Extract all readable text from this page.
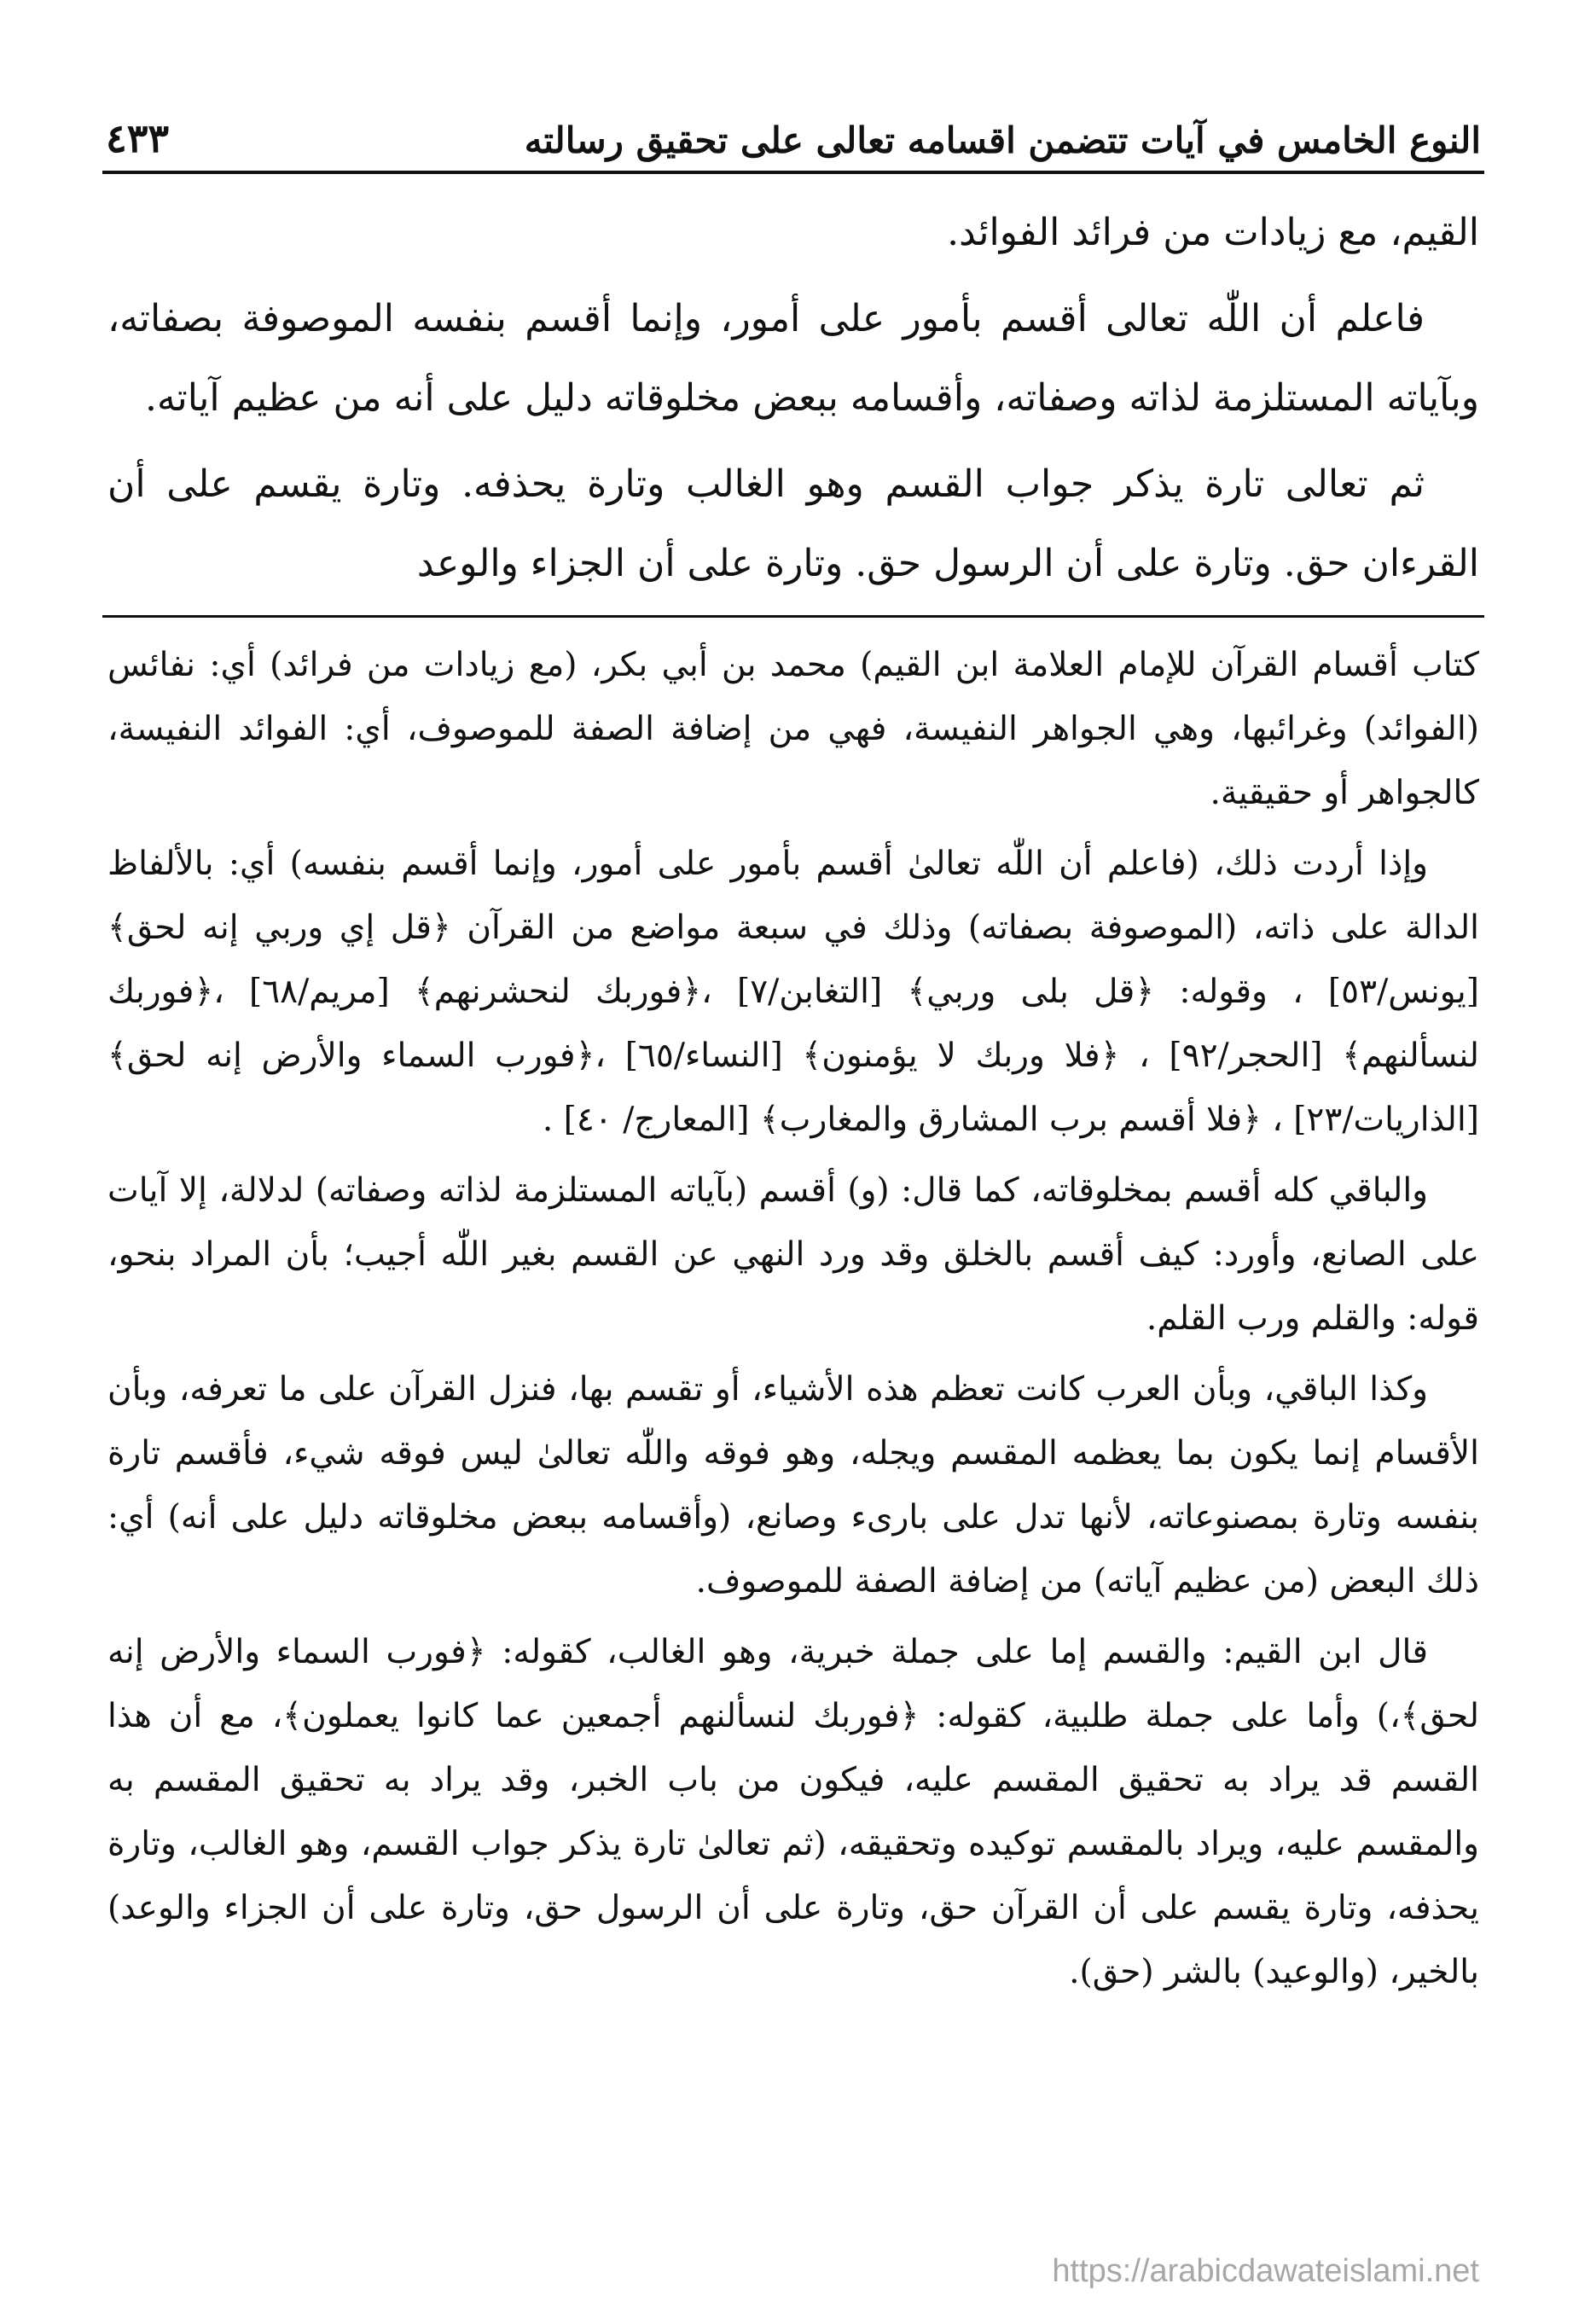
النوع الخامس في آيات تتضمن اقسامه تعالى على تحقيق رسالته
٤٣٣

القيم، مع زيادات من فرائد الفوائد.

فاعلم أن اللّٰه تعالى أقسم بأمور على أمور، وإنما أقسم بنفسه الموصوفة بصفاته، وبآياته المستلزمة لذاته وصفاته، وأقسامه ببعض مخلوقاته دليل على أنه من عظيم آياته.

ثم تعالى تارة يذكر جواب القسم وهو الغالب وتارة يحذفه. وتارة يقسم على أن القرءان حق. وتارة على أن الرسول حق. وتارة على أن الجزاء والوعد

كتاب أقسام القرآن للإمام العلامة ابن القيم) محمد بن أبي بكر، (مع زيادات من فرائد) أي: نفائس (الفوائد) وغرائبها، وهي الجواهر النفيسة، فهي من إضافة الصفة للموصوف، أي: الفوائد النفيسة، كالجواهر أو حقيقية.

وإذا أردت ذلك، (فاعلم أن اللّٰه تعالىٰ أقسم بأمور على أمور، وإنما أقسم بنفسه) أي: بالألفاظ الدالة على ذاته، (الموصوفة بصفاته) وذلك في سبعة مواضع من القرآن ﴿قل إي وربي إنه لحق﴾ [يونس/٥٣] ، وقوله: ﴿قل بلى وربي﴾ [التغابن/٧] ،﴿فوربك لنحشرنهم﴾ [مريم/٦٨] ،﴿فوربك لنسألنهم﴾ [الحجر/٩٢] ، ﴿فلا وربك لا يؤمنون﴾ [النساء/٦٥] ،﴿فورب السماء والأرض إنه لحق﴾ [الذاريات/٢٣] ، ﴿فلا أقسم برب المشارق والمغارب﴾ [المعارج/ ٤٠] .

والباقي كله أقسم بمخلوقاته، كما قال: (و) أقسم (بآياته المستلزمة لذاته وصفاته) لدلالة، إلا آيات على الصانع، وأورد: كيف أقسم بالخلق وقد ورد النهي عن القسم بغير اللّٰه أجيب؛ بأن المراد بنحو، قوله: والقلم ورب القلم.

وكذا الباقي، وبأن العرب كانت تعظم هذه الأشياء، أو تقسم بها، فنزل القرآن على ما تعرفه، وبأن الأقسام إنما يكون بما يعظمه المقسم ويجله، وهو فوقه واللّٰه تعالىٰ ليس فوقه شيء، فأقسم تارة بنفسه وتارة بمصنوعاته، لأنها تدل على بارىء وصانع، (وأقسامه ببعض مخلوقاته دليل على أنه) أي: ذلك البعض (من عظيم آياته) من إضافة الصفة للموصوف.

قال ابن القيم: والقسم إما على جملة خبرية، وهو الغالب، كقوله: ﴿فورب السماء والأرض إنه لحق﴾،) وأما على جملة طلبية، كقوله: ﴿فوربك لنسألنهم أجمعين عما كانوا يعملون﴾، مع أن هذا القسم قد يراد به تحقيق المقسم عليه، فيكون من باب الخبر، وقد يراد به تحقيق المقسم به والمقسم عليه، ويراد بالمقسم توكيده وتحقيقه، (ثم تعالىٰ تارة يذكر جواب القسم، وهو الغالب، وتارة يحذفه، وتارة يقسم على أن القرآن حق، وتارة على أن الرسول حق، وتارة على أن الجزاء والوعد) بالخير، (والوعيد) بالشر (حق).

https://arabicdawateislami.net
